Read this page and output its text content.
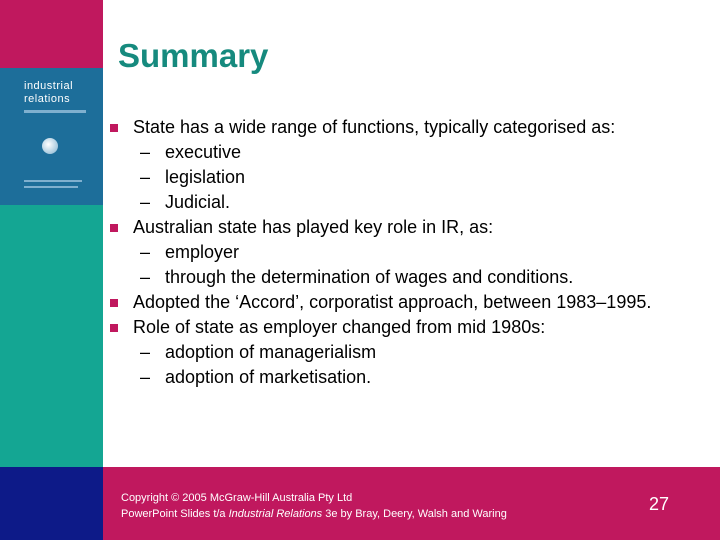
industrial
relations
Summary
State has a wide range of functions, typically categorised as:
– executive
– legislation
– Judicial.
Australian state has played key role in IR, as:
– employer
– through the determination of wages and conditions.
Adopted the ‘Accord’, corporatist approach, between 1983–1995.
Role of state as employer changed from mid 1980s:
– adoption of managerialism
– adoption of marketisation.
Copyright © 2005 McGraw-Hill Australia Pty Ltd
PowerPoint Slides t/a Industrial Relations 3e by Bray, Deery, Walsh and Waring	27
